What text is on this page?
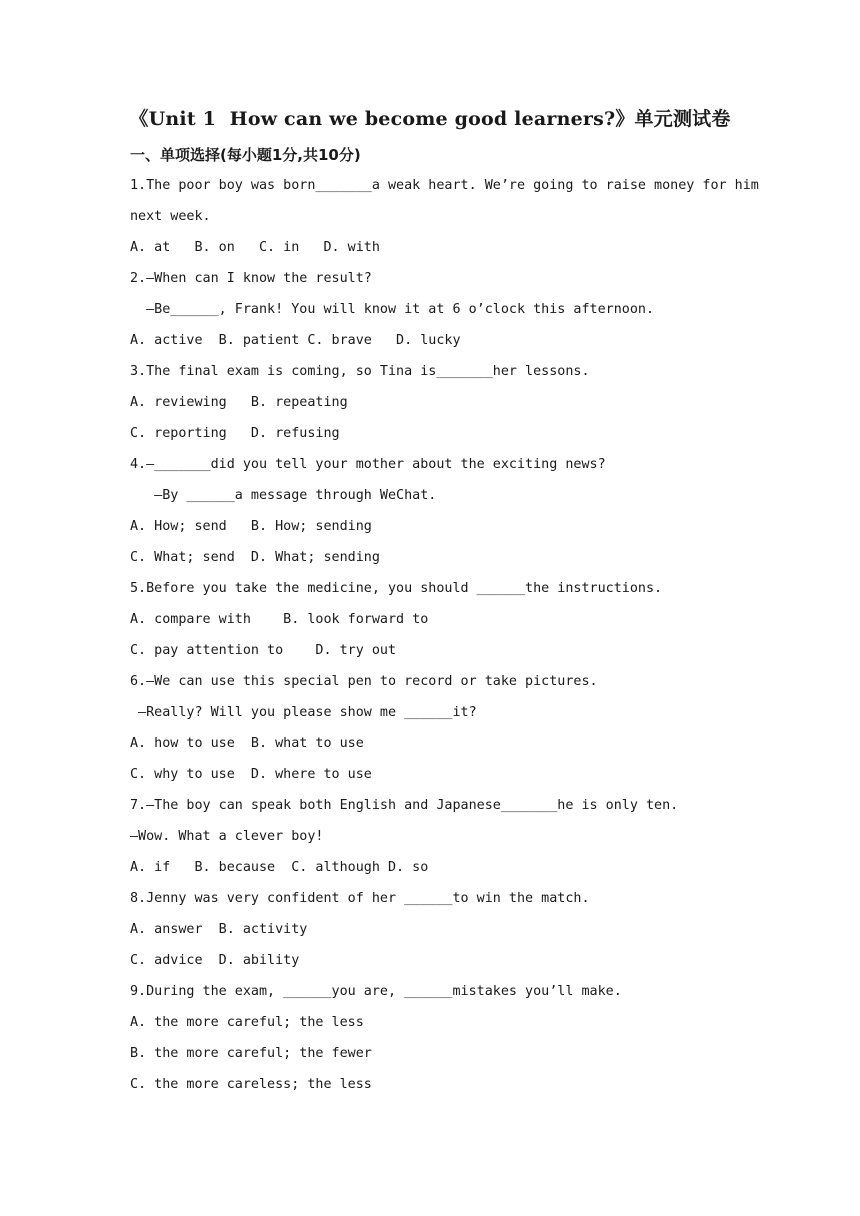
《Unit 1  How can we become good learners?》单元测试卷
一、单项选择(每小题1分,共10分)
1.The poor boy was born_______a weak heart. We’re going to raise money for him
next week.
A. at   B. on   C. in   D. with
2.—When can I know the result?
—Be______, Frank! You will know it at 6 o’clock this afternoon.
A. active  B. patient C. brave   D. lucky
3.The final exam is coming, so Tina is_______her lessons.
A. reviewing   B. repeating
C. reporting   D. refusing
4.—_______did you tell your mother about the exciting news?
—By ______a message through WeChat.
A. How; send   B. How; sending
C. What; send  D. What; sending
5.Before you take the medicine, you should ______the instructions.
A. compare with    B. look forward to
C. pay attention to    D. try out
6.—We can use this special pen to record or take pictures.
—Really? Will you please show me ______it?
A. how to use  B. what to use
C. why to use  D. where to use
7.—The boy can speak both English and Japanese_______he is only ten.
—Wow. What a clever boy!
A. if   B. because  C. although D. so
8.Jenny was very confident of her ______to win the match.
A. answer  B. activity
C. advice  D. ability
9.During the exam, ______you are, ______mistakes you’ll make.
A. the more careful; the less
B. the more careful; the fewer
C. the more careless; the less
